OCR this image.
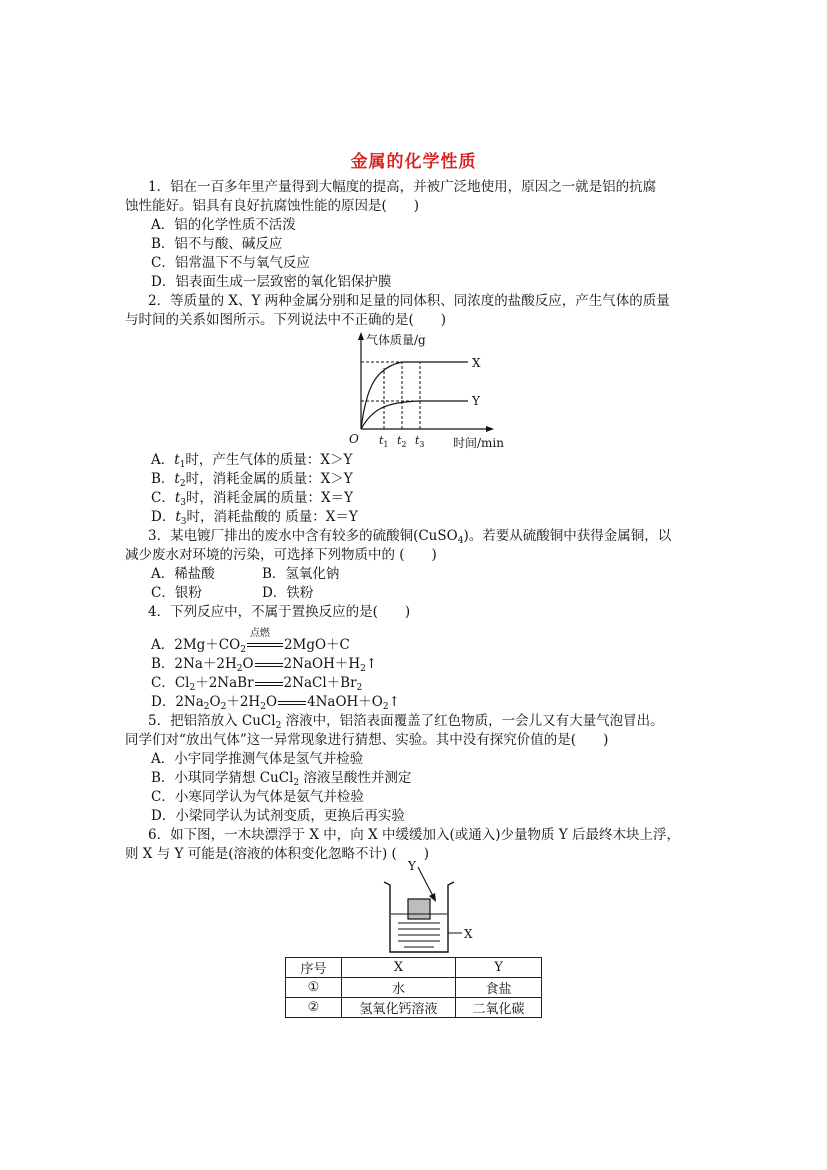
金属的化学性质
1．铝在一百多年里产量得到大幅度的提高，并被广泛地使用，原因之一就是铝的抗腐
蚀性能好。铝具有良好抗腐蚀性能的原因是(　　)
A．铝的化学性质不活泼
B．铝不与酸、碱反应
C．铝常温下不与氧气反应
D．铝表面生成一层致密的氧化铝保护膜
2．等质量的 X、Y 两种金属分别和足量的同体积、同浓度的盐酸反应，产生气体的质量
与时间的关系如图所示。下列说法中不正确的是(　　)
气体质量/g
X
Y
O $t_1$ $t_2$ $t_3$ 时间/min
A．$t_1$时，产生气体的质量：X＞Y
B．$t_2$时，消耗金属的质量：X＞Y
C．$t_3$时，消耗金属的质量：X＝Y
D．$t_3$时，消耗盐酸的 质量：X＝Y
3．某电镀厂排出的废水中含有较多的硫酸铜(CuSO$_4$)。若要从硫酸铜中获得金属铜，以
减少废水对环境的污染，可选择下列物质中的 (　　)
A．稀盐酸	B．氢氧化钠
C．银粉	D．铁粉
4．下列反应中，不属于置换反应的是(　　)
A．$2Mg+CO_2$
点燃
2MgO＋C
B．$2Na+2H_2O$ $2NaOH+H_2↑$
C．$Cl_2+2NaBr$ $2NaCl+Br_2$
D．$2Na_2O_2+2H_2O$ $4NaOH+O_2↑$
5．把铝箔放入 CuCl$_2$ 溶液中，铝箔表面覆盖了红色物质，一会儿又有大量气泡冒出。
同学们对“放出气体”这一异常现象进行猜想、实验。其中没有探究价值的是(　　)
A．小宇同学推测气体是氢气并检验
B．小琪同学猜想 CuCl$_2$ 溶液呈酸性并测定
C．小寒同学认为气体是氨气并检验
D．小梁同学认为试剂变质，更换后再实验
6．如下图，一木块漂浮于 X 中，向 X 中缓缓加入(或通入)少量物质 Y 后最终木块上浮，
则 X 与 Y 可能是(溶液的体积变化忽略不计) (　　)
Y
X
序号	X	Y
①	水	食盐
②	氢氧化钙溶液	二氧化碳
